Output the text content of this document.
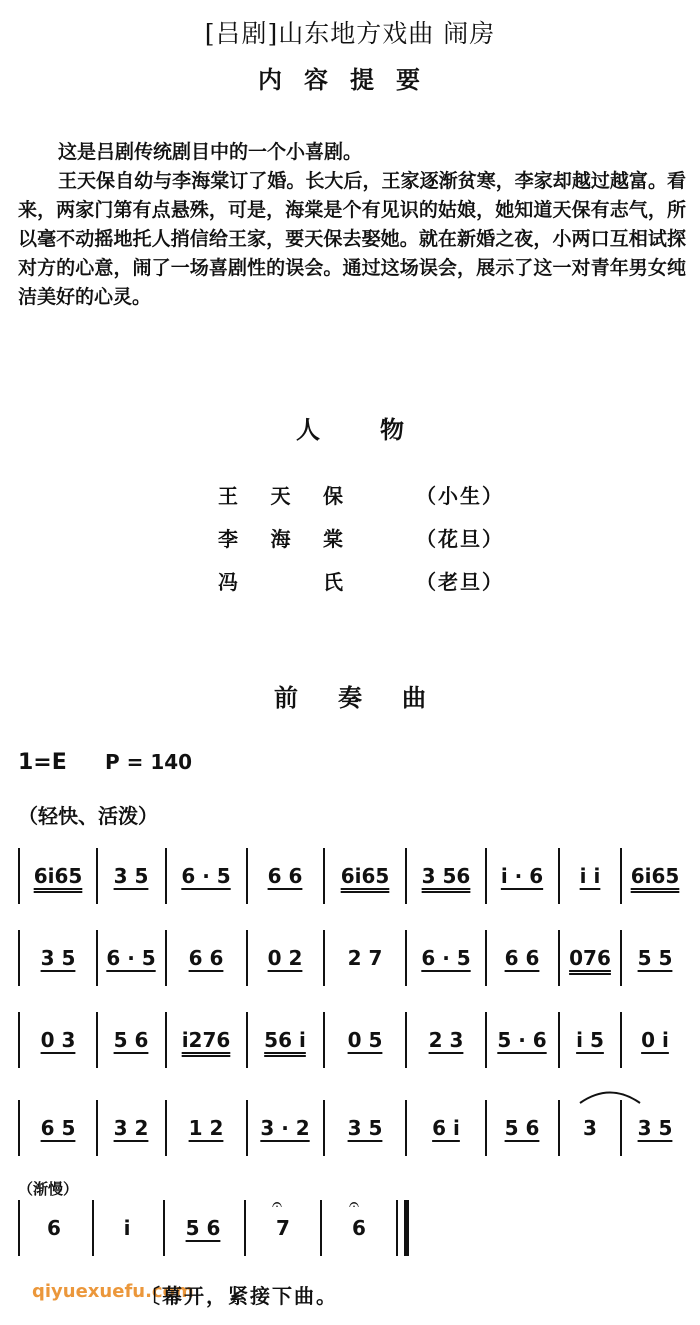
[吕剧]山东地方戏曲 闹房
内容提要
这是吕剧传统剧目中的一个小喜剧。
王天保自幼与李海棠订了婚。长大后，王家逐渐贫寒，李家却越过越富。看来，两家门第有点悬殊，可是，海棠是个有见识的姑娘，她知道天保有志气，所以毫不动摇地托人捎信给王家，要天保去娶她。就在新婚之夜，小两口互相试探对方的心意，闹了一场喜剧性的误会。通过这场误会，展示了这一对青年男女纯洁美好的心灵。
人物
王 天 保	（小生）
李 海 棠	（花旦）
冯	氏	（老旦）
前奏曲
1=E P = 140
（轻快、活泼）
6i65	3 5	6 · 5	6 6	6i65	3 56	i · 6	i i	6i65
3 5	6 · 5	6 6	0 2	2 7	6 · 5	6 6	076	5 5
0 3	5 6	i276	56 i	0 5	2 3	5 · 6	i 5	0 i
6 5	3 2	1 2	3 · 2	3 5	6 i	5 6	3	3 5
（渐慢）
6	i	5 6	7
𝄐
6
𝄐
qiyuexuefu.com
〔幕开，紧接下曲。
